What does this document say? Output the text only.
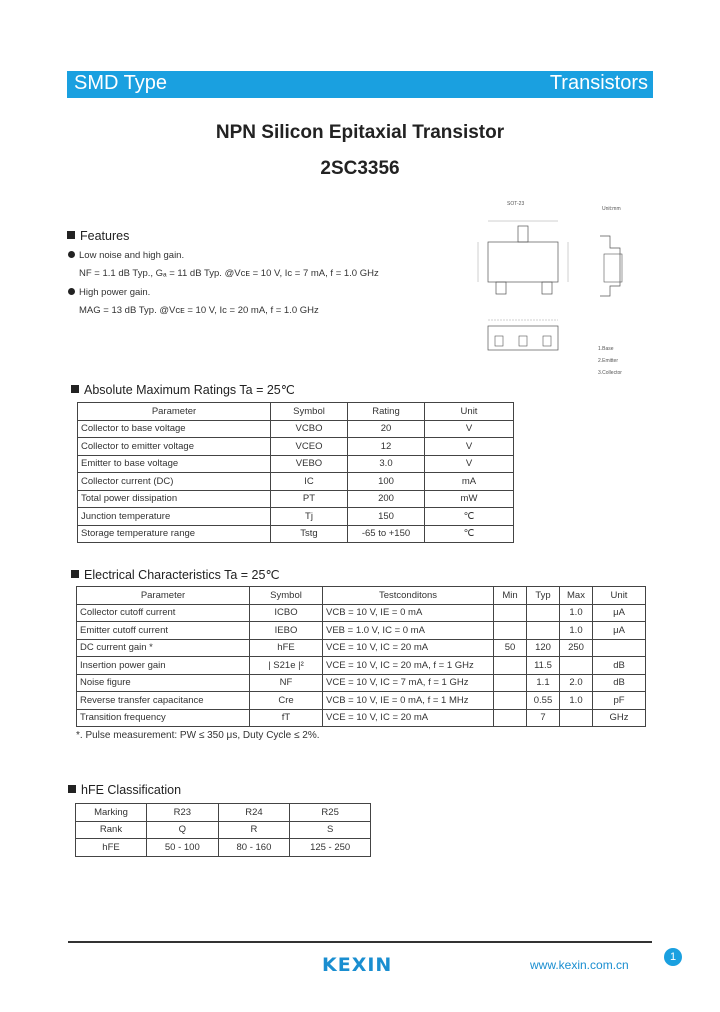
SMD Type	Transistors
NPN Silicon Epitaxial Transistor
2SC3356
Features
Low noise and high gain.
NF = 1.1 dB Typ., Gₐ = 11 dB Typ. @Vᴄᴇ = 10 V, Iᴄ = 7 mA, f = 1.0 GHz
High power gain.
MAG = 13 dB Typ. @Vᴄᴇ = 10 V, Iᴄ = 20 mA, f = 1.0 GHz
SOT-23
Unit:mm
1.Base
2.Emitter
3.Collector
Absolute Maximum Ratings Ta = 25℃
Parameter	Symbol	Rating	Unit
Collector to base voltage	VCBO	20	V
Collector to emitter voltage	VCEO	12	V
Emitter to base voltage	VEBO	3.0	V
Collector current (DC)	IC	100	mA
Total power dissipation	PT	200	mW
Junction temperature	Tj	150	℃
Storage temperature range	Tstg	-65 to +150	℃
Electrical Characteristics Ta = 25℃
Parameter	Symbol	Testconditons	Min	Typ	Max	Unit
Collector cutoff current	ICBO	VCB = 10 V, IE = 0 mA			1.0	μA
Emitter cutoff current	IEBO	VEB = 1.0 V, IC = 0 mA			1.0	μA
DC current gain *	hFE	VCE = 10 V, IC = 20 mA	50	120	250	
Insertion power gain	| S21e |²	VCE = 10 V, IC = 20 mA, f = 1 GHz		11.5		dB
Noise figure	NF	VCE = 10 V, IC = 7 mA, f = 1 GHz		1.1	2.0	dB
Reverse transfer capacitance	Cre	VCB = 10 V, IE = 0 mA, f = 1 MHz		0.55	1.0	pF
Transition frequency	fT	VCE = 10 V, IC = 20 mA		7		GHz
*. Pulse measurement: PW ≤ 350 μs, Duty Cycle ≤ 2%.
hFE Classification
Marking	R23	R24	R25
Rank	Q	R	S
hFE	50 - 100	80 - 160	125 - 250
KEXIN	www.kexin.com.cn
1
